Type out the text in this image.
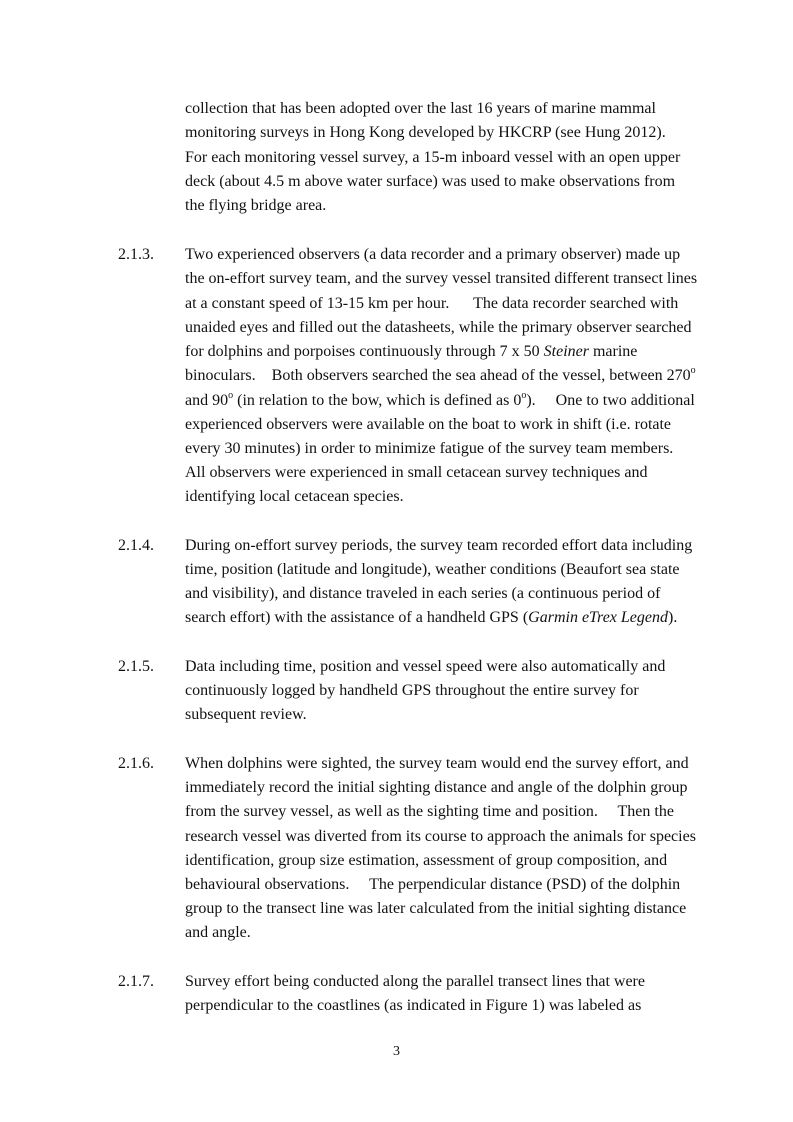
collection that has been adopted over the last 16 years of marine mammal
monitoring surveys in Hong Kong developed by HKCRP (see Hung 2012).
For each monitoring vessel survey, a 15-m inboard vessel with an open upper
deck (about 4.5 m above water surface) was used to make observations from
the flying bridge area.
2.1.3. Two experienced observers (a data recorder and a primary observer) made up
the on-effort survey team, and the survey vessel transited different transect lines
at a constant speed of 13-15 km per hour.      The data recorder searched with
unaided eyes and filled out the datasheets, while the primary observer searched
for dolphins and porpoises continuously through 7 x 50 Steiner marine
binoculars.    Both observers searched the sea ahead of the vessel, between 270$^o$
and 90$^o$ (in relation to the bow, which is defined as 0$^o$).     One to two additional
experienced observers were available on the boat to work in shift (i.e. rotate
every 30 minutes) in order to minimize fatigue of the survey team members.
All observers were experienced in small cetacean survey techniques and
identifying local cetacean species.
2.1.4. During on-effort survey periods, the survey team recorded effort data including
time, position (latitude and longitude), weather conditions (Beaufort sea state
and visibility), and distance traveled in each series (a continuous period of
search effort) with the assistance of a handheld GPS (Garmin eTrex Legend).
2.1.5. Data including time, position and vessel speed were also automatically and
continuously logged by handheld GPS throughout the entire survey for
subsequent review.
2.1.6. When dolphins were sighted, the survey team would end the survey effort, and
immediately record the initial sighting distance and angle of the dolphin group
from the survey vessel, as well as the sighting time and position.     Then the
research vessel was diverted from its course to approach the animals for species
identification, group size estimation, assessment of group composition, and
behavioural observations.     The perpendicular distance (PSD) of the dolphin
group to the transect line was later calculated from the initial sighting distance
and angle.
2.1.7. Survey effort being conducted along the parallel transect lines that were
perpendicular to the coastlines (as indicated in Figure 1) was labeled as
3
